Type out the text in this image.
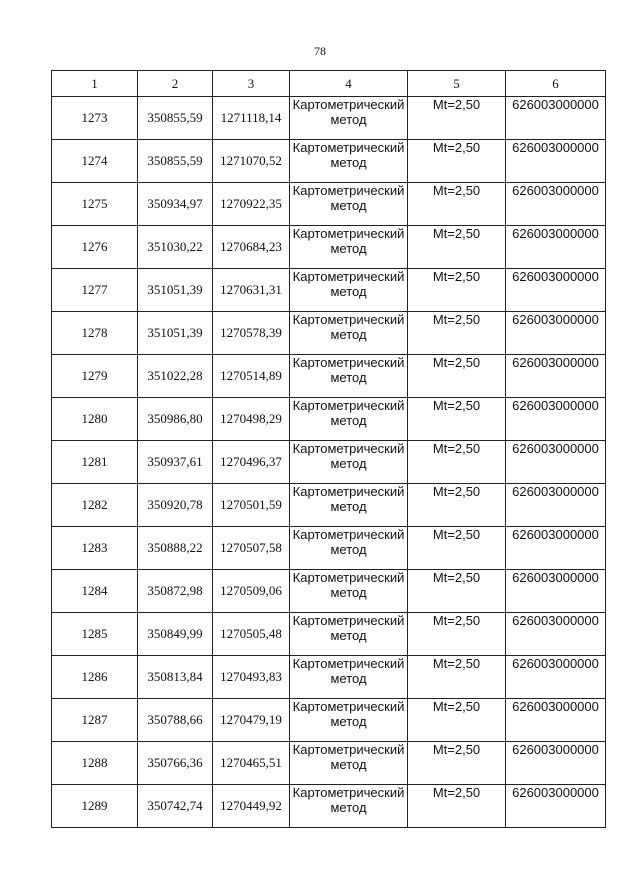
78
1	2	3	4	5	6
1273	350855,59	1271118,14	Картометрический метод	Mt=2,50	626003000000
1274	350855,59	1271070,52	Картометрический метод	Mt=2,50	626003000000
1275	350934,97	1270922,35	Картометрический метод	Mt=2,50	626003000000
1276	351030,22	1270684,23	Картометрический метод	Mt=2,50	626003000000
1277	351051,39	1270631,31	Картометрический метод	Mt=2,50	626003000000
1278	351051,39	1270578,39	Картометрический метод	Mt=2,50	626003000000
1279	351022,28	1270514,89	Картометрический метод	Mt=2,50	626003000000
1280	350986,80	1270498,29	Картометрический метод	Mt=2,50	626003000000
1281	350937,61	1270496,37	Картометрический метод	Mt=2,50	626003000000
1282	350920,78	1270501,59	Картометрический метод	Mt=2,50	626003000000
1283	350888,22	1270507,58	Картометрический метод	Mt=2,50	626003000000
1284	350872,98	1270509,06	Картометрический метод	Mt=2,50	626003000000
1285	350849,99	1270505,48	Картометрический метод	Mt=2,50	626003000000
1286	350813,84	1270493,83	Картометрический метод	Mt=2,50	626003000000
1287	350788,66	1270479,19	Картометрический метод	Mt=2,50	626003000000
1288	350766,36	1270465,51	Картометрический метод	Mt=2,50	626003000000
1289	350742,74	1270449,92	Картометрический метод	Mt=2,50	626003000000
